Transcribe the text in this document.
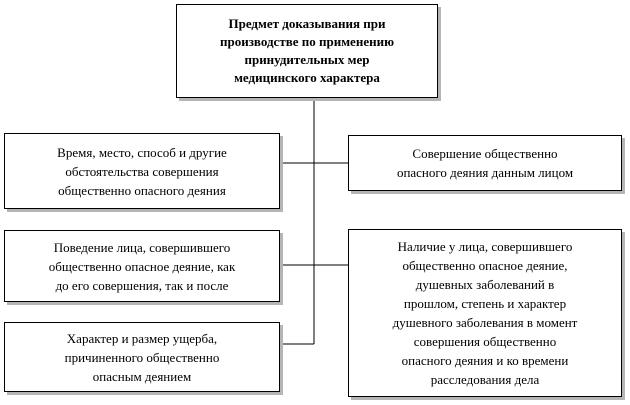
Предмет доказывания при
производстве по применению
принудительных мер
медицинского характера
Время, место, способ и другие
обстоятельства совершения
общественно опасного деяния
Поведение лица, совершившего
общественно опасное деяние, как
до его совершения, так и после
Характер и размер ущерба,
причиненного общественно
опасным деянием
Совершение общественно
опасного деяния данным лицом
Наличие у лица, совершившего
общественно опасное деяние,
душевных заболеваний в
прошлом, степень и характер
душевного заболевания в момент
совершения общественно
опасного деяния и ко времени
расследования дела
